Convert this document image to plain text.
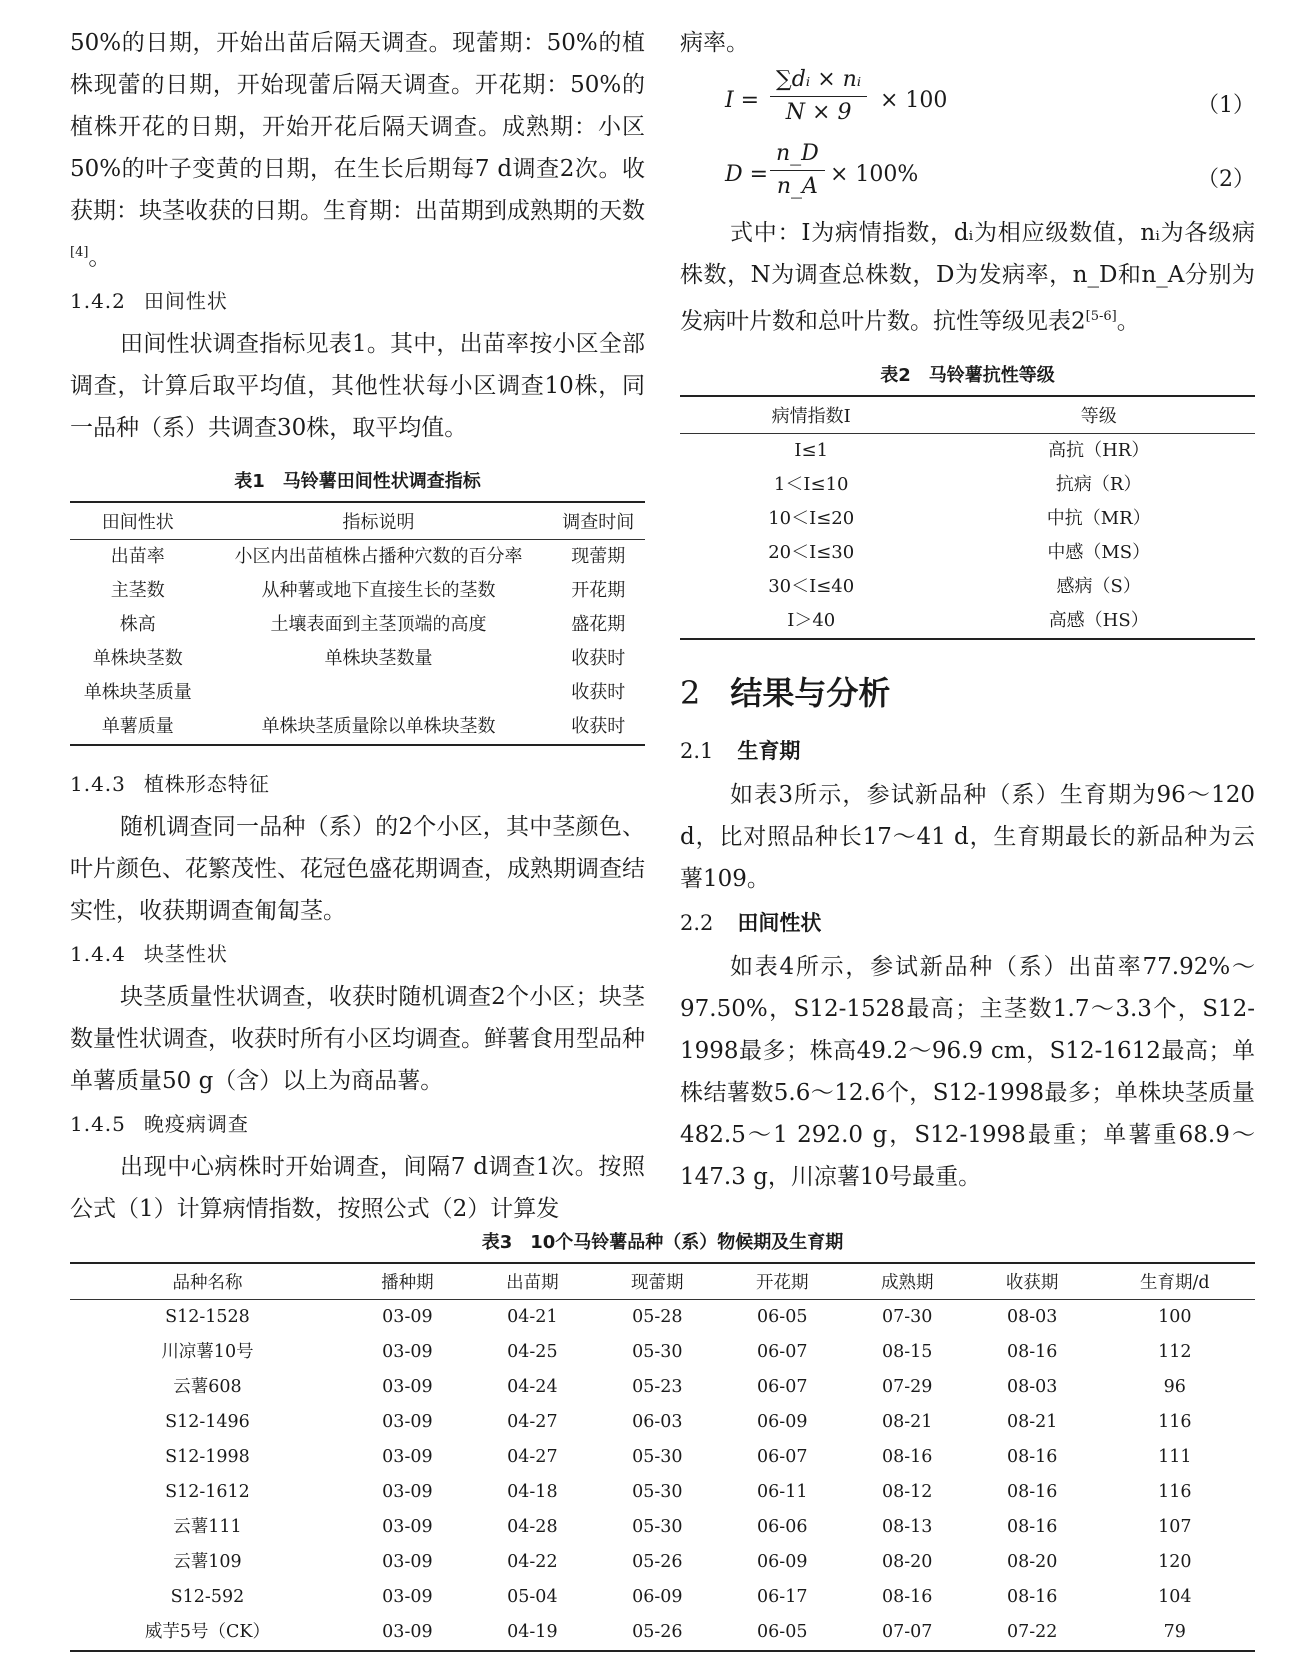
50%的日期，开始出苗后隔天调查。现蕾期：50%的植株现蕾的日期，开始现蕾后隔天调查。开花期：50%的植株开花的日期，开始开花后隔天调查。成熟期：小区50%的叶子变黄的日期，在生长后期每7 d调查2次。收获期：块茎收获的日期。生育期：出苗期到成熟期的天数[4]。

1.4.2 田间性状

田间性状调查指标见表1。其中，出苗率按小区全部调查，计算后取平均值，其他性状每小区调查10株，同一品种（系）共调查30株，取平均值。

表1　马铃薯田间性状调查指标
田间性状	指标说明	调查时间
出苗率	小区内出苗植株占播种穴数的百分率	现蕾期
主茎数	从种薯或地下直接生长的茎数	开花期
株高	土壤表面到主茎顶端的高度	盛花期
单株块茎数	单株块茎数量	收获时
单株块茎质量		收获时
单薯质量	单株块茎质量除以单株块茎数	收获时
1.4.3 植株形态特征

随机调查同一品种（系）的2个小区，其中茎颜色、叶片颜色、花繁茂性、花冠色盛花期调查，成熟期调查结实性，收获期调查匍匐茎。

1.4.4 块茎性状

块茎质量性状调查，收获时随机调查2个小区；块茎数量性状调查，收获时所有小区均调查。鲜薯食用型品种单薯质量50 g（含）以上为商品薯。

1.4.5 晚疫病调查

出现中心病株时开始调查，间隔7 d调查1次。按照公式（1）计算病情指数，按照公式（2）计算发

病率。

$I = \frac{\text{∑dᵢ × nᵢ}}{N \times 9} \times 100$	（1）
$D = \frac{n\_D}{n\_A} \times 100\%$	（2）

式中：I为病情指数，dᵢ为相应级数值，nᵢ为各级病株数，N为调查总株数，D为发病率，n_D和n_A分别为发病叶片数和总叶片数。抗性等级见表2[5-6]。

表2　马铃薯抗性等级
病情指数I	等级
I≤1	高抗（HR）
1＜I≤10	抗病（R）
10＜I≤20	中抗（MR）
20＜I≤30	中感（MS）
30＜I≤40	感病（S）
I＞40	高感（HS）
2 结果与分析
2.1 生育期

如表3所示，参试新品种（系）生育期为96～120 d，比对照品种长17～41 d，生育期最长的新品种为云薯109。

2.2 田间性状

如表4所示，参试新品种（系）出苗率77.92%～97.50%，S12-1528最高；主茎数1.7～3.3个，S12-1998最多；株高49.2～96.9 cm，S12-1612最高；单株结薯数5.6～12.6个，S12-1998最多；单株块茎质量482.5～1 292.0 g，S12-1998最重；单薯重68.9～147.3 g，川凉薯10号最重。

表3　10个马铃薯品种（系）物候期及生育期
品种名称	播种期	出苗期	现蕾期	开花期	成熟期	收获期	生育期/d
S12-1528	03-09	04-21	05-28	06-05	07-30	08-03	100
川凉薯10号	03-09	04-25	05-30	06-07	08-15	08-16	112
云薯608	03-09	04-24	05-23	06-07	07-29	08-03	96
S12-1496	03-09	04-27	06-03	06-09	08-21	08-21	116
S12-1998	03-09	04-27	05-30	06-07	08-16	08-16	111
S12-1612	03-09	04-18	05-30	06-11	08-12	08-16	116
云薯111	03-09	04-28	05-30	06-06	08-13	08-16	107
云薯109	03-09	04-22	05-26	06-09	08-20	08-20	120
S12-592	03-09	05-04	06-09	06-17	08-16	08-16	104
威芋5号（CK）	03-09	04-19	05-26	06-05	07-07	07-22	79
